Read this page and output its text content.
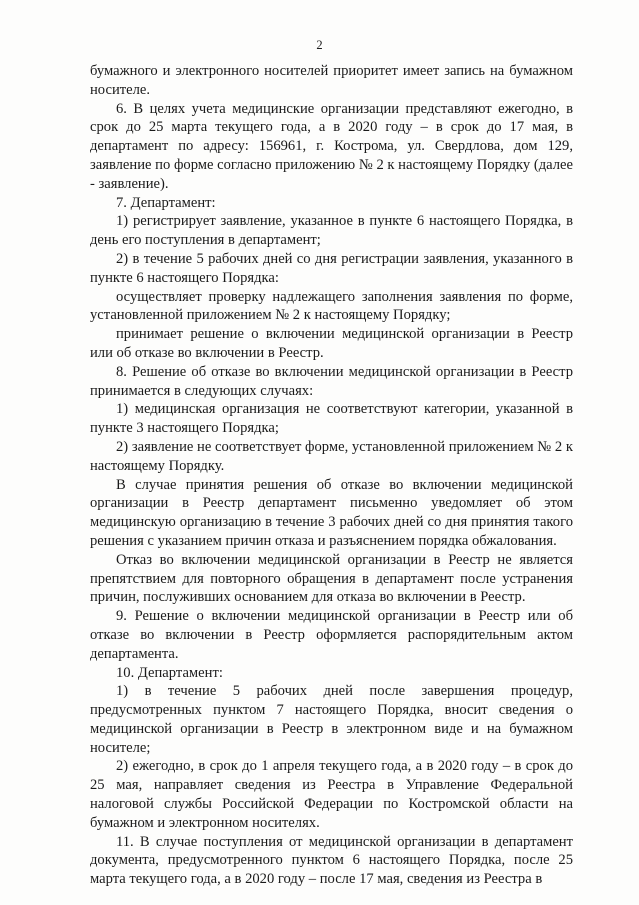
2

бумажного и электронного носителей приоритет имеет запись на бумажном носителе.

6. В целях учета медицинские организации представляют ежегодно, в срок до 25 марта текущего года, а в 2020 году – в срок до 17 мая, в департамент по адресу: 156961, г. Кострома, ул. Свердлова, дом 129, заявление по форме согласно приложению № 2 к настоящему Порядку (далее - заявление).

7. Департамент:

1) регистрирует заявление, указанное в пункте 6 настоящего Порядка, в день его поступления в департамент;

2) в течение 5 рабочих дней со дня регистрации заявления, указанного в пункте 6 настоящего Порядка:

осуществляет проверку надлежащего заполнения заявления по форме, установленной приложением № 2 к настоящему Порядку;

принимает решение о включении медицинской организации в Реестр или об отказе во включении в Реестр.

8. Решение об отказе во включении медицинской организации в Реестр принимается в следующих случаях:

1) медицинская организация не соответствуют категории, указанной в пункте 3 настоящего Порядка;

2) заявление не соответствует форме, установленной приложением № 2 к настоящему Порядку.

В случае принятия решения об отказе во включении медицинской организации в Реестр департамент письменно уведомляет об этом медицинскую организацию в течение 3 рабочих дней со дня принятия такого решения с указанием причин отказа и разъяснением порядка обжалования.

Отказ во включении медицинской организации в Реестр не является препятствием для повторного обращения в департамент после устранения причин, послуживших основанием для отказа во включении в Реестр.

9. Решение о включении медицинской организации в Реестр или об отказе во включении в Реестр оформляется распорядительным актом департамента.

10. Департамент:

1) в течение 5 рабочих дней после завершения процедур, предусмотренных пунктом 7 настоящего Порядка, вносит сведения о медицинской организации в Реестр в электронном виде и на бумажном носителе;

2) ежегодно, в срок до 1 апреля текущего года, а в 2020 году – в срок до 25 мая, направляет сведения из Реестра в Управление Федеральной налоговой службы Российской Федерации по Костромской области на бумажном и электронном носителях.

11. В случае поступления от медицинской организации в департамент документа, предусмотренного пунктом 6 настоящего Порядка, после 25 марта текущего года, а в 2020 году – после 17 мая, сведения из Реестра в
